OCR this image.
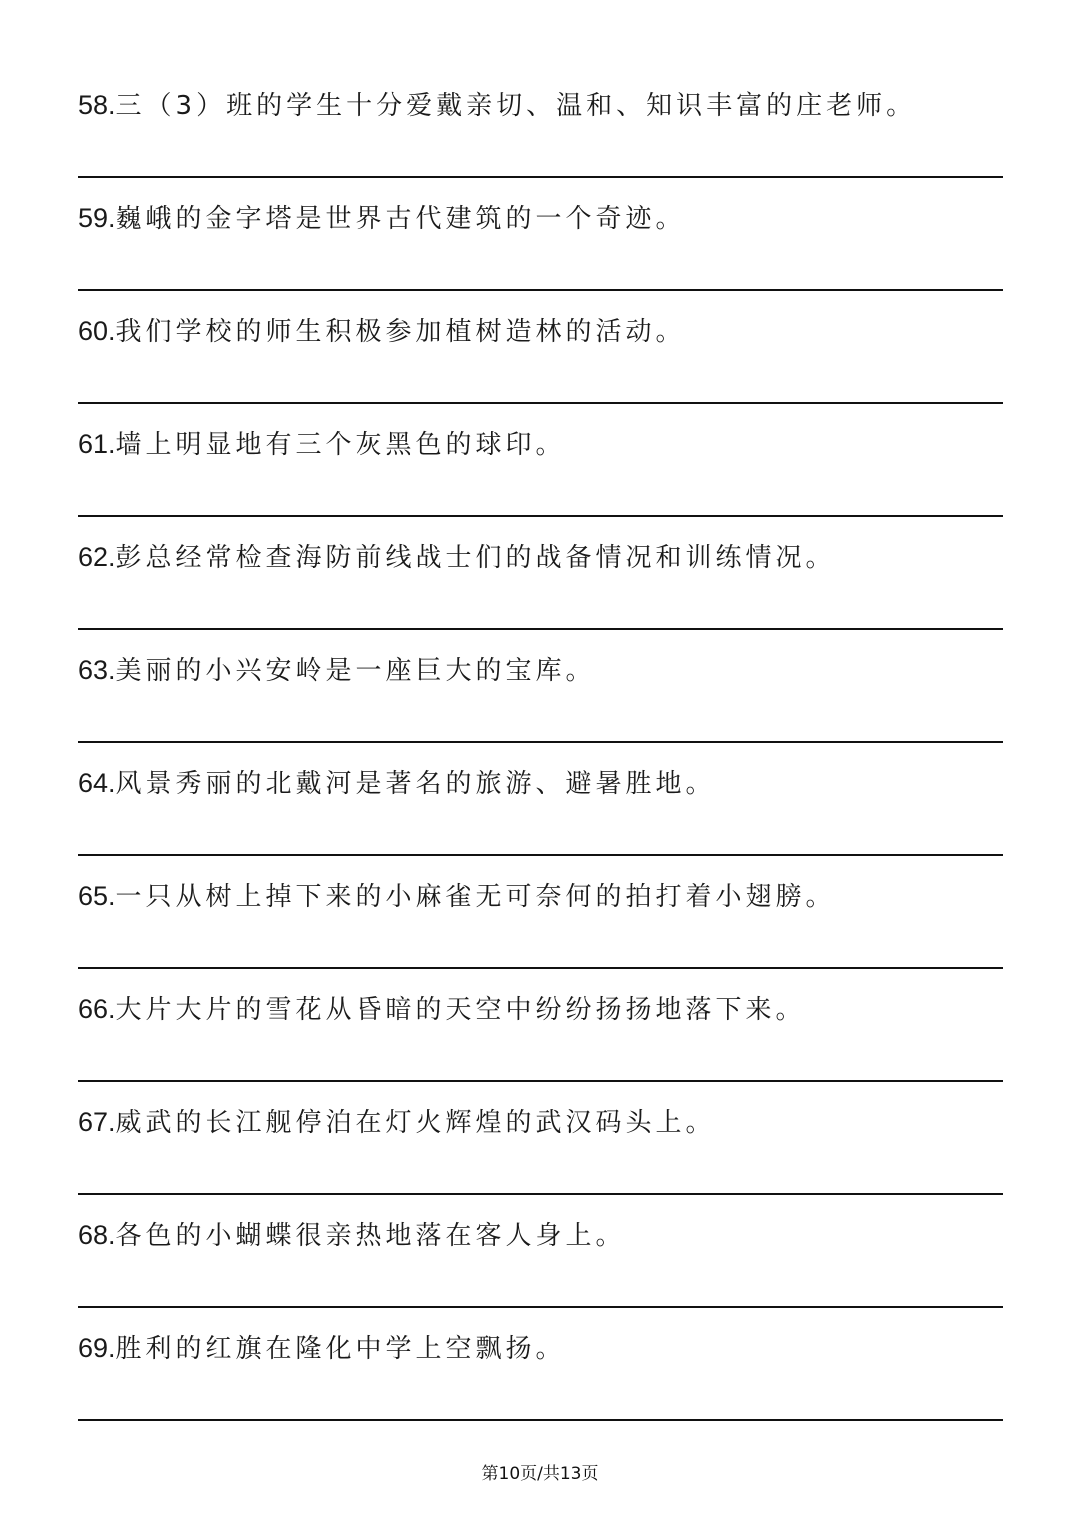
58.三（3）班的学生十分爱戴亲切、温和、知识丰富的庄老师。

59.巍峨的金字塔是世界古代建筑的一个奇迹。

60.我们学校的师生积极参加植树造林的活动。

61.墙上明显地有三个灰黑色的球印。

62.彭总经常检查海防前线战士们的战备情况和训练情况。

63.美丽的小兴安岭是一座巨大的宝库。

64.风景秀丽的北戴河是著名的旅游、避暑胜地。

65.一只从树上掉下来的小麻雀无可奈何的拍打着小翅膀。

66.大片大片的雪花从昏暗的天空中纷纷扬扬地落下来。

67.威武的长江舰停泊在灯火辉煌的武汉码头上。

68.各色的小蝴蝶很亲热地落在客人身上。

69.胜利的红旗在隆化中学上空飘扬。

第10页/共13页
